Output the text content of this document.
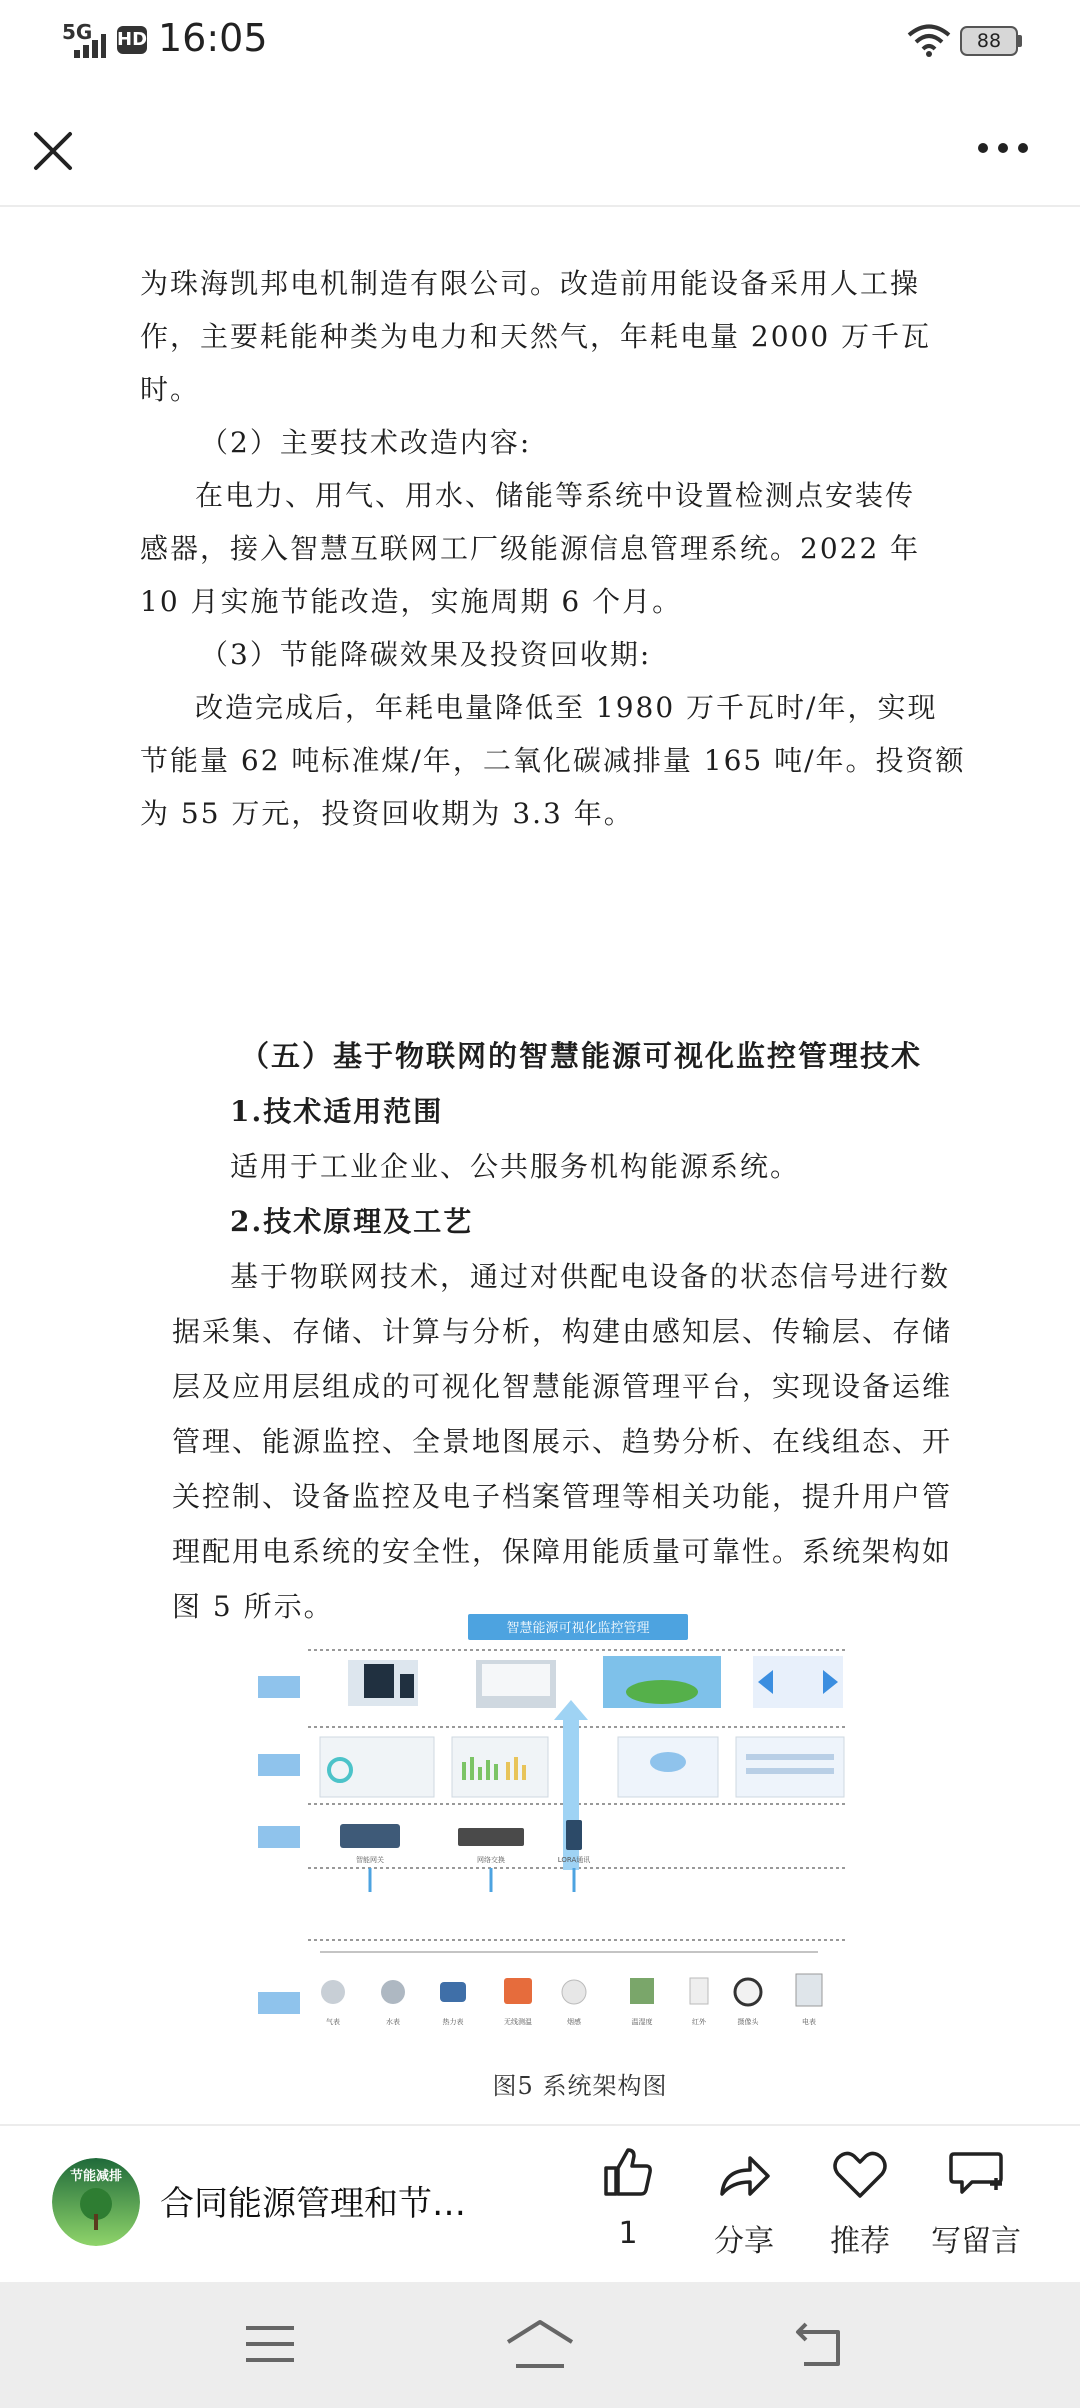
5G HD 16:05	88
为珠海凯邦电机制造有限公司。改造前用能设备采用人工操
作，主要耗能种类为电力和天然气，年耗电量 2000 万千瓦
时。
（2）主要技术改造内容:
在电力、用气、用水、储能等系统中设置检测点安装传
感器，接入智慧互联网工厂级能源信息管理系统。2022 年
10 月实施节能改造，实施周期 6 个月。
（3）节能降碳效果及投资回收期:
改造完成后，年耗电量降低至 1980 万千瓦时/年，实现
节能量 62 吨标准煤/年，二氧化碳减排量 165 吨/年。投资额
为 55 万元，投资回收期为 3.3 年。
（五）基于物联网的智慧能源可视化监控管理技术
1.技术适用范围
适用于工业企业、公共服务机构能源系统。
2.技术原理及工艺
基于物联网技术，通过对供配电设备的状态信号进行数
据采集、存储、计算与分析，构建由感知层、传输层、存储
层及应用层组成的可视化智慧能源管理平台，实现设备运维
管理、能源监控、全景地图展示、趋势分析、在线组态、开
关控制、设备监控及电子档案管理等相关功能，提升用户管
理配用电系统的安全性，保障用能质量可靠性。系统架构如
图 5 所示。
智慧能源可视化监控管理
智能网关	网络交换	LORA通讯
气表	水表	热力表	无线测温	烟感	温湿度	红外	摄像头	电表
图5 系统架构图
节能减排
合同能源管理和节…
1	分享	推荐	写留言
